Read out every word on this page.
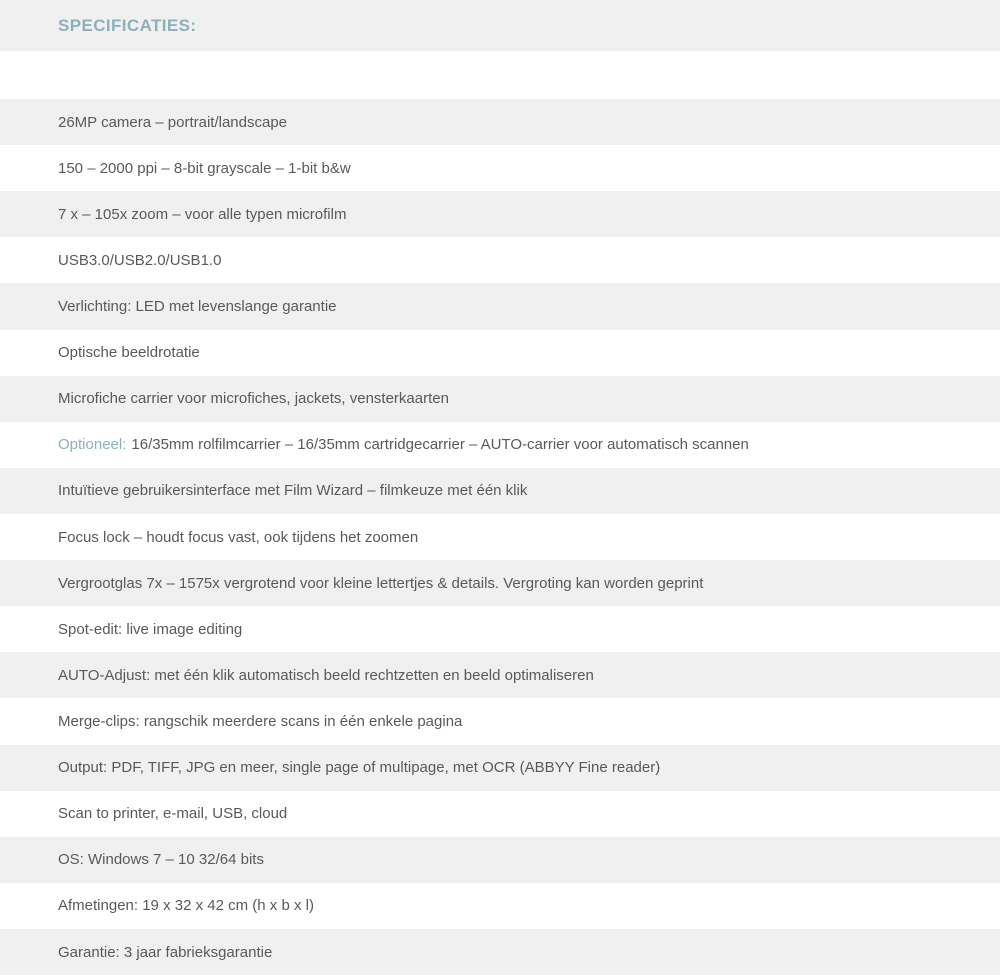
SPECIFICATIES:
26MP camera – portrait/landscape
150 – 2000 ppi – 8-bit grayscale – 1-bit b&w
7 x – 105x zoom – voor alle typen microfilm
USB3.0/USB2.0/USB1.0
Verlichting: LED met levenslange garantie
Optische beeldrotatie
Microfiche carrier voor microfiches, jackets, vensterkaarten
Optioneel: 16/35mm rolfilmcarrier – 16/35mm cartridgecarrier – AUTO-carrier voor automatisch scannen
Intuïtieve gebruikersinterface met Film Wizard – filmkeuze met één klik
Focus lock – houdt focus vast, ook tijdens het zoomen
Vergrootglas 7x – 1575x vergrotend voor kleine lettertjes & details. Vergroting kan worden geprint
Spot-edit: live image editing
AUTO-Adjust: met één klik automatisch beeld rechtzetten en beeld optimaliseren
Merge-clips: rangschik meerdere scans in één enkele pagina
Output: PDF, TIFF, JPG en meer, single page of multipage, met OCR (ABBYY Fine reader)
Scan to printer, e-mail, USB, cloud
OS: Windows 7 – 10 32/64 bits
Afmetingen: 19 x 32 x 42 cm (h x b x l)
Garantie: 3 jaar fabrieksgarantie
